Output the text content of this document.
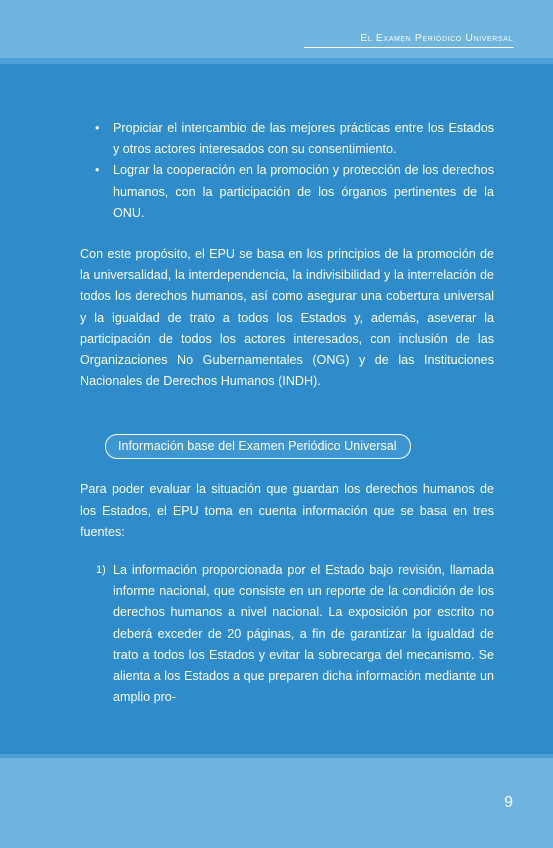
El Examen Periódico Universal
• Propiciar el intercambio de las mejores prácticas entre los Estados y otros actores interesados con su consentimiento.
• Lograr la cooperación en la promoción y protección de los derechos humanos, con la participación de los órganos pertinentes de la ONU.

Con este propósito, el EPU se basa en los principios de la promoción de la universalidad, la interdependencia, la indivisibilidad y la interrelación de todos los derechos humanos, así como asegurar una cobertura universal y la igualdad de trato a todos los Estados y, además, aseverar la participación de todos los actores interesados, con inclusión de las Organizaciones No Gubernamentales (ONG) y de las Instituciones Nacionales de Derechos Humanos (INDH).

Información base del Examen Periódico Universal

Para poder evaluar la situación que guardan los derechos humanos de los Estados, el EPU toma en cuenta información que se basa en tres fuentes:

1) La información proporcionada por el Estado bajo revisión, llamada informe nacional, que consiste en un reporte de la condición de los derechos humanos a nivel nacional. La exposición por escrito no deberá exceder de 20 páginas, a fin de garantizar la igualdad de trato a todos los Estados y evitar la sobrecarga del mecanismo. Se alienta a los Estados a que preparen dicha información mediante un amplio pro-
9
